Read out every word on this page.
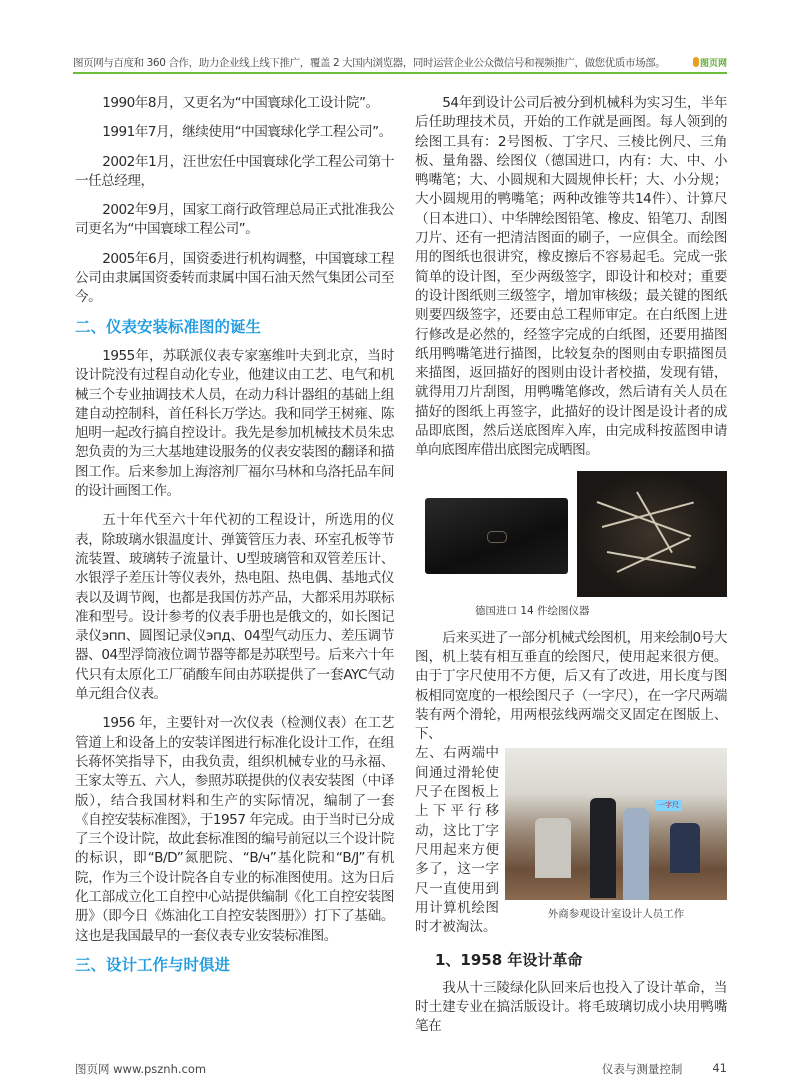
图页网与百度和 360 合作，助力企业线上线下推广，覆盖 2 大国内浏览器，同时运营企业公众微信号和视频推广，做您优质市场部。	图页网

1990年8月，又更名为“中国寰球化工设计院”。

1991年7月，继续使用“中国寰球化学工程公司”。

2002年1月，汪世宏任中国寰球化学工程公司第十一任总经理，

2002年9月，国家工商行政管理总局正式批准我公司更名为“中国寰球工程公司”。

2005年6月，国资委进行机构调整，中国寰球工程公司由隶属国资委转而隶属中国石油天然气集团公司至今。

二、仪表安装标准图的诞生

1955年，苏联派仪表专家塞维叶夫到北京，当时设计院没有过程自动化专业，他建议由工艺、电气和机械三个专业抽调技术人员，在动力科计器组的基础上组建自动控制科，首任科长万学达。我和同学王树雍、陈旭明一起改行搞自控设计。我先是参加机械技术员朱忠恕负责的为三大基地建设服务的仪表安装图的翻译和描图工作。后来参加上海溶剂厂福尔马林和乌洛托品车间的设计画图工作。

五十年代至六十年代初的工程设计，所选用的仪表，除玻璃水银温度计、弹簧管压力表、环室孔板等节流装置、玻璃转子流量计、U型玻璃管和双管差压计、水银浮子差压计等仪表外，热电阻、热电偶、基地式仪表以及调节阀，也都是我国仿苏产品，大都采用苏联标准和型号。设计参考的仪表手册也是俄文的，如长图记录仪эпп、圆图记录仪эпд、04型气动压力、差压调节器、04型浮筒液位调节器等都是苏联型号。后来六十年代只有太原化工厂硝酸车间由苏联提供了一套AYC气动单元组合仪表。

1956 年，主要针对一次仪表（检测仪表）在工艺管道上和设备上的安装详图进行标准化设计工作，在组长蒋怀笑指导下，由我负责，组织机械专业的马永福、王家太等五、六人，参照苏联提供的仪表安装图（中译版），结合我国材料和生产的实际情况，编制了一套《自控安装标准图》，于1957 年完成。由于当时已分成了三个设计院，故此套标准图的编号前冠以三个设计院的标识，即“B/D”氮肥院、“B/ч”基化院和“B/J”有机院，作为三个设计院各自专业的标准图使用。这为日后化工部成立化工自控中心站提供编制《化工自控安装图册》（即今日《炼油化工自控安装图册》）打下了基础。这也是我国最早的一套仪表专业安装标准图。

三、设计工作与时俱进

54年到设计公司后被分到机械科为实习生，半年后任助理技术员，开始的工作就是画图。每人领到的绘图工具有：2号图板、丁字尺、三棱比例尺、三角板、量角器、绘图仪（德国进口，内有：大、中、小鸭嘴笔；大、小圆规和大圆规伸长杆；大、小分规；大小圆规用的鸭嘴笔；两种改锥等共14件）、计算尺（日本进口）、中华牌绘图铅笔、橡皮、铅笔刀、刮图刀片、还有一把清洁图面的刷子，一应俱全。而绘图用的图纸也很讲究，橡皮擦后不容易起毛。完成一张简单的设计图，至少两级签字，即设计和校对；重要的设计图纸则三级签字，增加审核级；最关键的图纸则要四级签字，还要由总工程师审定。在白纸图上进行修改是必然的，经签字完成的白纸图，还要用描图纸用鸭嘴笔进行描图，比较复杂的图则由专职描图员来描图，返回描好的图则由设计者校描，发现有错，就得用刀片刮图，用鸭嘴笔修改，然后请有关人员在描好的图纸上再签字，此描好的设计图是设计者的成品即底图，然后送底图库入库，由完成科按蓝图申请单向底图库借出底图完成晒图。

德国进口 14 件绘图仪器

后来买进了一部分机械式绘图机，用来绘制0号大图，机上装有相互垂直的绘图尺，使用起来很方便。由于丁字尺使用不方便，后又有了改进，用长度与图板相同宽度的一根绘图尺子（一字尺），在一字尺两端装有两个滑轮，用两根弦线两端交叉固定在图版上、下、

左、右两端中间通过滑轮使尺子在图板上上下平行移动，这比丁字尺用起来方便多了，这一字尺一直使用到用计算机绘图时才被淘汰。

一字尺
外商参观设计室设计人员工作
1、1958 年设计革命

我从十三陵绿化队回来后也投入了设计革命，当时土建专业在搞活版设计。将毛玻璃切成小块用鸭嘴笔在

图页网 www.psznh.com	仪表与测量控制	41
